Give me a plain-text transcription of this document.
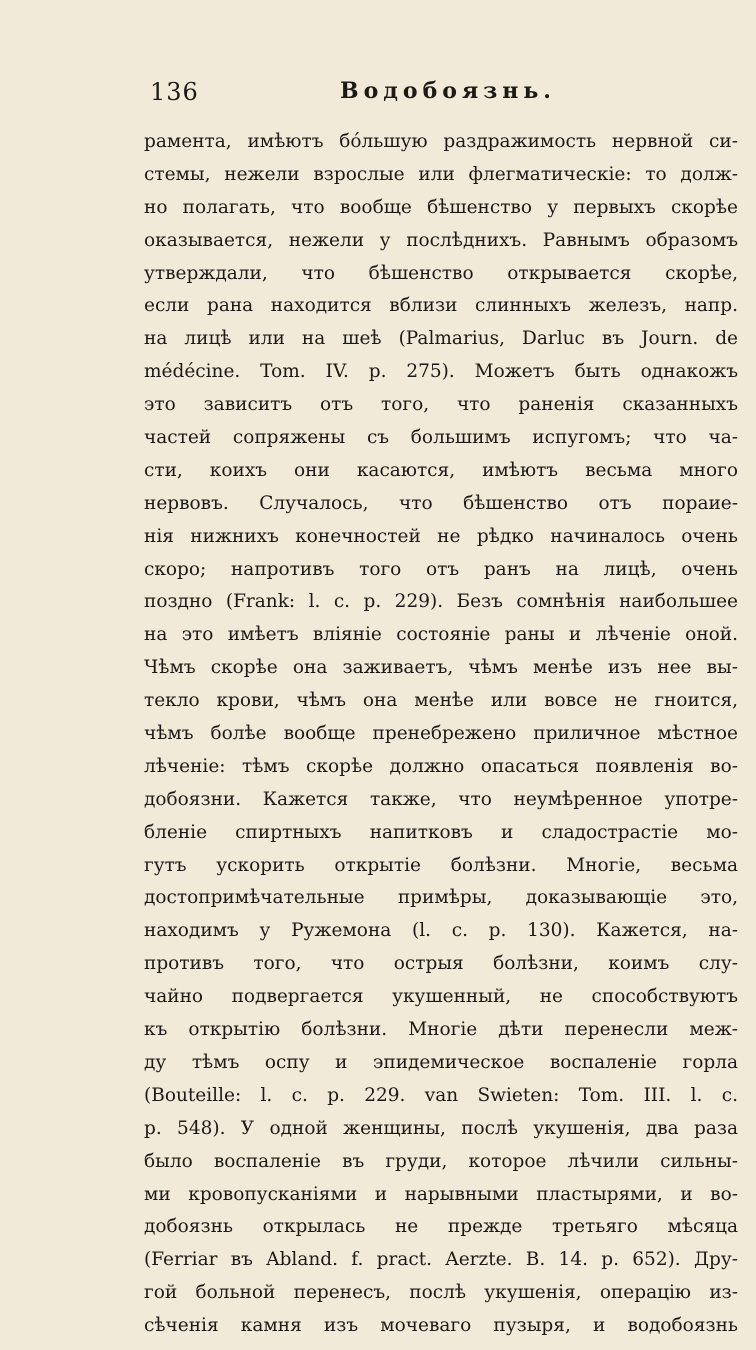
136	Водобоязнь.
рамента, имѣютъ бóльшую раздражимость нервной си-
стемы, нежели взрослые или флегматическіе: то долж-
но полагать, что вообще бѣшенство у первыхъ скорѣе
оказывается, нежели у послѣднихъ. Равнымъ образомъ
утверждали, что бѣшенство открывается скорѣе,
если рана находится вблизи слинныхъ железъ, напр.
на лицѣ или на шеѣ (Palmarius, Darluc въ Journ. de
médécine. Tom. IV. p. 275). Можетъ быть однакожъ
это зависитъ отъ того, что раненія сказанныхъ
частей сопряжены съ большимъ испугомъ; что ча-
сти, коихъ они касаются, имѣютъ весьма много
нервовъ. Случалось, что бѣшенство отъ пораие-
нія нижнихъ конечностей не рѣдко начиналось очень
скоро; напротивъ того отъ ранъ на лицѣ, очень
поздно (Frank: l. c. p. 229). Безъ сомнѣнія наибольшее
на это имѣетъ вліяніе состояніе раны и лѣченіе оной.
Чѣмъ скорѣе она заживаетъ, чѣмъ менѣе изъ нее вы-
текло крови, чѣмъ она менѣе или вовсе не гноится,
чѣмъ болѣе вообще пренебрежено приличное мѣстное
лѣченіе: тѣмъ скорѣе должно опасаться появленія во-
добоязни. Кажется также, что неумѣренное употре-
бленіе спиртныхъ напитковъ и сладострастіе мо-
гутъ ускорить открытіе болѣзни. Многіе, весьма
достопримѣчательные примѣры, доказывающіе это,
находимъ у Ружемона (l. c. p. 130). Кажется, на-
противъ того, что острыя болѣзни, коимъ слу-
чайно подвергается укушенный, не способствуютъ
къ открытію болѣзни. Многіе дѣти перенесли меж-
ду тѣмъ оспу и эпидемическое воспаленіе горла
(Bouteille: l. c. p. 229. van Swieten: Tom. III. l. c.
p. 548). У одной женщины, послѣ укушенія, два раза
было воспаленіе въ груди, которое лѣчили сильны-
ми кровопусканіями и нарывными пластырями, и во-
добоязнь открылась не прежде третьяго мѣсяца
(Ferriar въ Abland. f. pract. Aerzte. B. 14. p. 652). Дру-
гой больной перенесъ, послѣ укушенія, операцію из-
сѣченія камня изъ мочеваго пузыря, и водобоязнь
